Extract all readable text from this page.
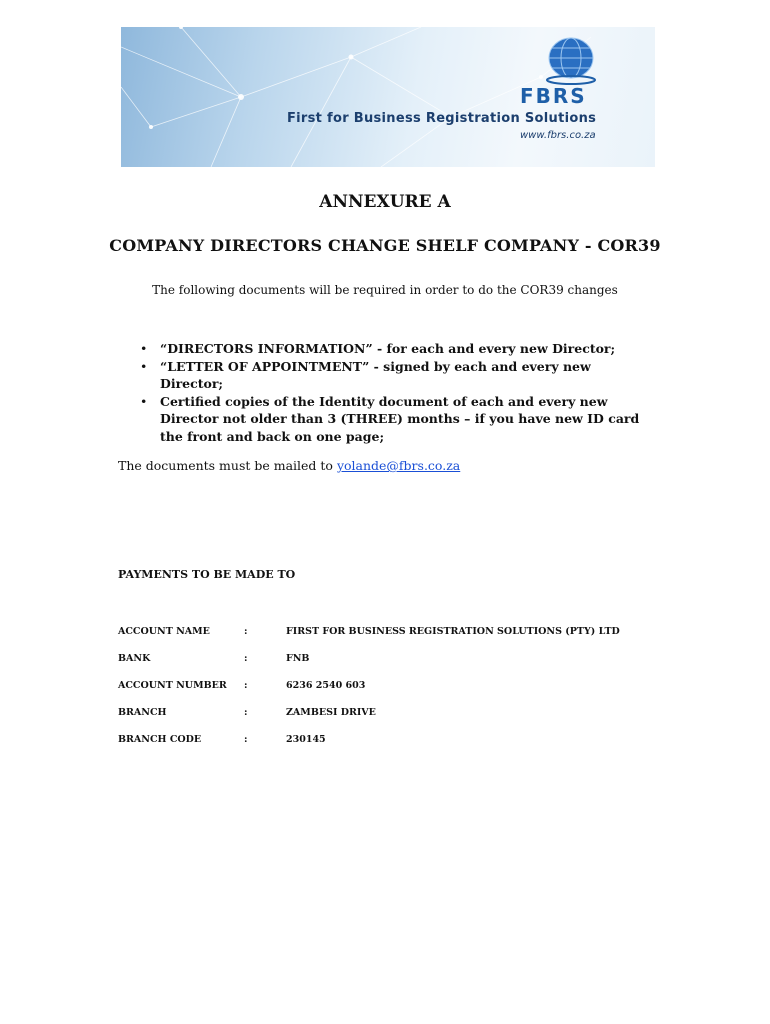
FBRS
First for Business Registration Solutions
www.fbrs.co.za
ANNEXURE A
COMPANY DIRECTORS CHANGE SHELF COMPANY - COR39
The following documents will be required in order to do the COR39 changes
• “DIRECTORS INFORMATION” - for each and every new Director;
• “LETTER OF APPOINTMENT” - signed by each and every new Director;
• Certified copies of the Identity document of each and every new Director not older than 3 (THREE) months – if you have new ID card the front and back on one page;
The documents must be mailed to yolande@fbrs.co.za
PAYMENTS TO BE MADE TO
ACCOUNT NAME	:	FIRST FOR BUSINESS REGISTRATION SOLUTIONS (PTY) LTD
BANK	:	FNB
ACCOUNT NUMBER :	6236 2540 603
BRANCH	:	ZAMBESI DRIVE
BRANCH CODE	:	230145
